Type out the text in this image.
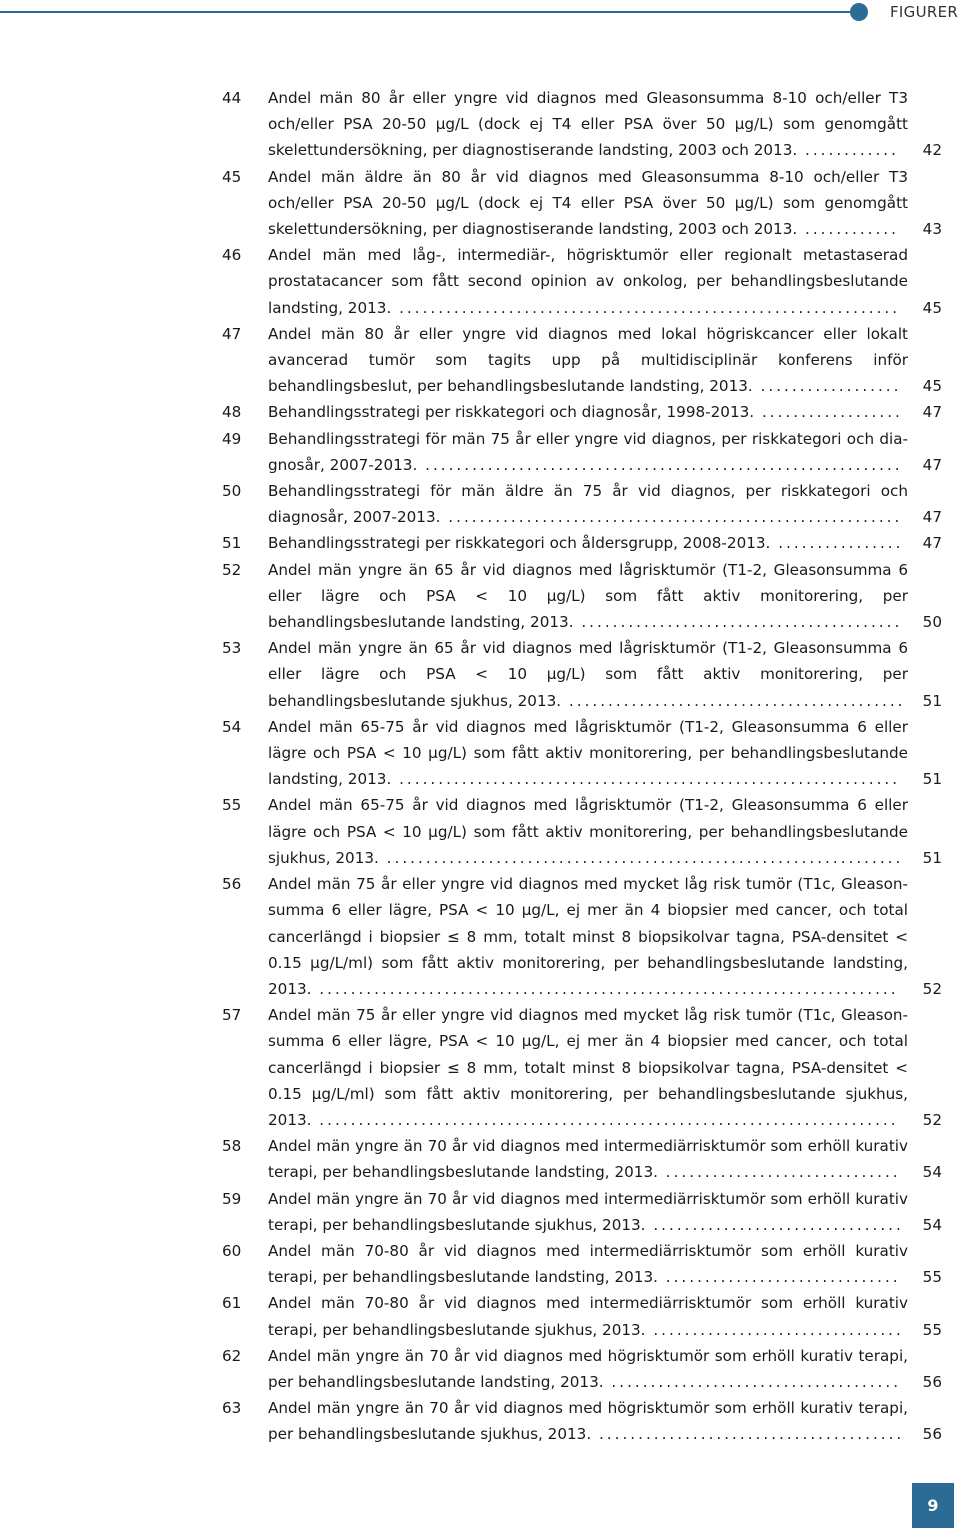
FIGURER
44	Andel män 80 år eller yngre vid diagnos med Gleasonsumma 8-10 och/eller T3 och/eller PSA 20-50 μg/L (dock ej T4 eller PSA över 50 μg/L) som genomgått skelettundersökning, per diagnostiserande landsting, 2003 och 2013. ............	42
45	Andel män äldre än 80 år vid diagnos med Gleasonsumma 8-10 och/eller T3 och/eller PSA 20-50 μg/L (dock ej T4 eller PSA över 50 μg/L) som genomgått skelettundersökning, per diagnostiserande landsting, 2003 och 2013. ............	43
46	Andel män med låg-, intermediär-, högrisktumör eller regionalt metastaserad prostatacancer som fått second opinion av onkolog, per behandlingsbeslutande landsting, 2013. ................................................................	45
47	Andel män 80 år eller yngre vid diagnos med lokal högriskcancer eller lokalt avancerad tumör som tagits upp på multidisciplinär konferens inför behandlingsbeslut, per behandlingsbeslutande landsting, 2013. ..................	45
48	Behandlingsstrategi per riskkategori och diagnosår, 1998-2013. ..................	47
49	Behandlingsstrategi för män 75 år eller yngre vid diagnos, per riskkategori och diagnosår, 2007-2013. .............................................................	47
50	Behandlingsstrategi för män äldre än 75 år vid diagnos, per riskkategori och diagnosår, 2007-2013. ..........................................................	47
51	Behandlingsstrategi per riskkategori och åldersgrupp, 2008-2013. ................	47
52	Andel män yngre än 65 år vid diagnos med lågrisktumör (T1-2, Gleasonsumma 6 eller lägre och PSA < 10 μg/L) som fått aktiv monitorering, per behandlingsbeslutande landsting, 2013. .........................................	50
53	Andel män yngre än 65 år vid diagnos med lågrisktumör (T1-2, Gleasonsumma 6 eller lägre och PSA < 10 μg/L) som fått aktiv monitorering, per behandlingsbeslutande sjukhus, 2013. ...........................................	51
54	Andel män 65-75 år vid diagnos med lågrisktumör (T1-2, Gleasonsumma 6 eller lägre och PSA < 10 μg/L) som fått aktiv monitorering, per behandlingsbeslutande landsting, 2013. ................................................................	51
55	Andel män 65-75 år vid diagnos med lågrisktumör (T1-2, Gleasonsumma 6 eller lägre och PSA < 10 μg/L) som fått aktiv monitorering, per behandlingsbeslutande sjukhus, 2013. ..................................................................	51
56	Andel män 75 år eller yngre vid diagnos med mycket låg risk tumör (T1c, Gleasonsumma 6 eller lägre, PSA < 10 μg/L, ej mer än 4 biopsier med cancer, och total cancerlängd i biopsier ≤ 8 mm, totalt minst 8 biopsikolvar tagna, PSA-densitet < 0.15 μg/L/ml) som fått aktiv monitorering, per behandlingsbeslutande landsting, 2013. ..........................................................................	52
57	Andel män 75 år eller yngre vid diagnos med mycket låg risk tumör (T1c, Gleasonsumma 6 eller lägre, PSA < 10 μg/L, ej mer än 4 biopsier med cancer, och total cancerlängd i biopsier ≤ 8 mm, totalt minst 8 biopsikolvar tagna, PSA-densitet < 0.15 μg/L/ml) som fått aktiv monitorering, per behandlingsbeslutande sjukhus, 2013. ..........................................................................	52
58	Andel män yngre än 70 år vid diagnos med intermediärrisktumör som erhöll kurativ terapi, per behandlingsbeslutande landsting, 2013. ..............................	54
59	Andel män yngre än 70 år vid diagnos med intermediärrisktumör som erhöll kurativ terapi, per behandlingsbeslutande sjukhus, 2013. ................................	54
60	Andel män 70-80 år vid diagnos med intermediärrisktumör som erhöll kurativ terapi, per behandlingsbeslutande landsting, 2013. ..............................	55
61	Andel män 70-80 år vid diagnos med intermediärrisktumör som erhöll kurativ terapi, per behandlingsbeslutande sjukhus, 2013. ................................	55
62	Andel män yngre än 70 år vid diagnos med högrisktumör som erhöll kurativ terapi, per behandlingsbeslutande landsting, 2013. .....................................	56
63	Andel män yngre än 70 år vid diagnos med högrisktumör som erhöll kurativ terapi, per behandlingsbeslutande sjukhus, 2013. .......................................	56
9
